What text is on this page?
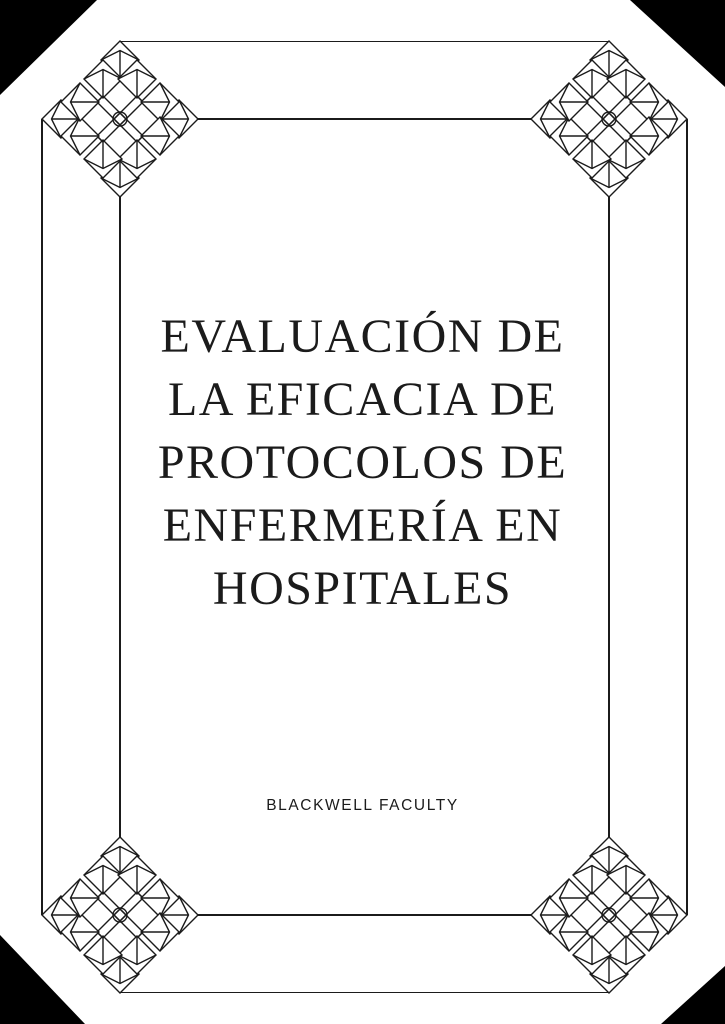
EVALUACIÓN DE
LA EFICACIA DE
PROTOCOLOS DE
ENFERMERÍA EN
HOSPITALES
BLACKWELL FACULTY
